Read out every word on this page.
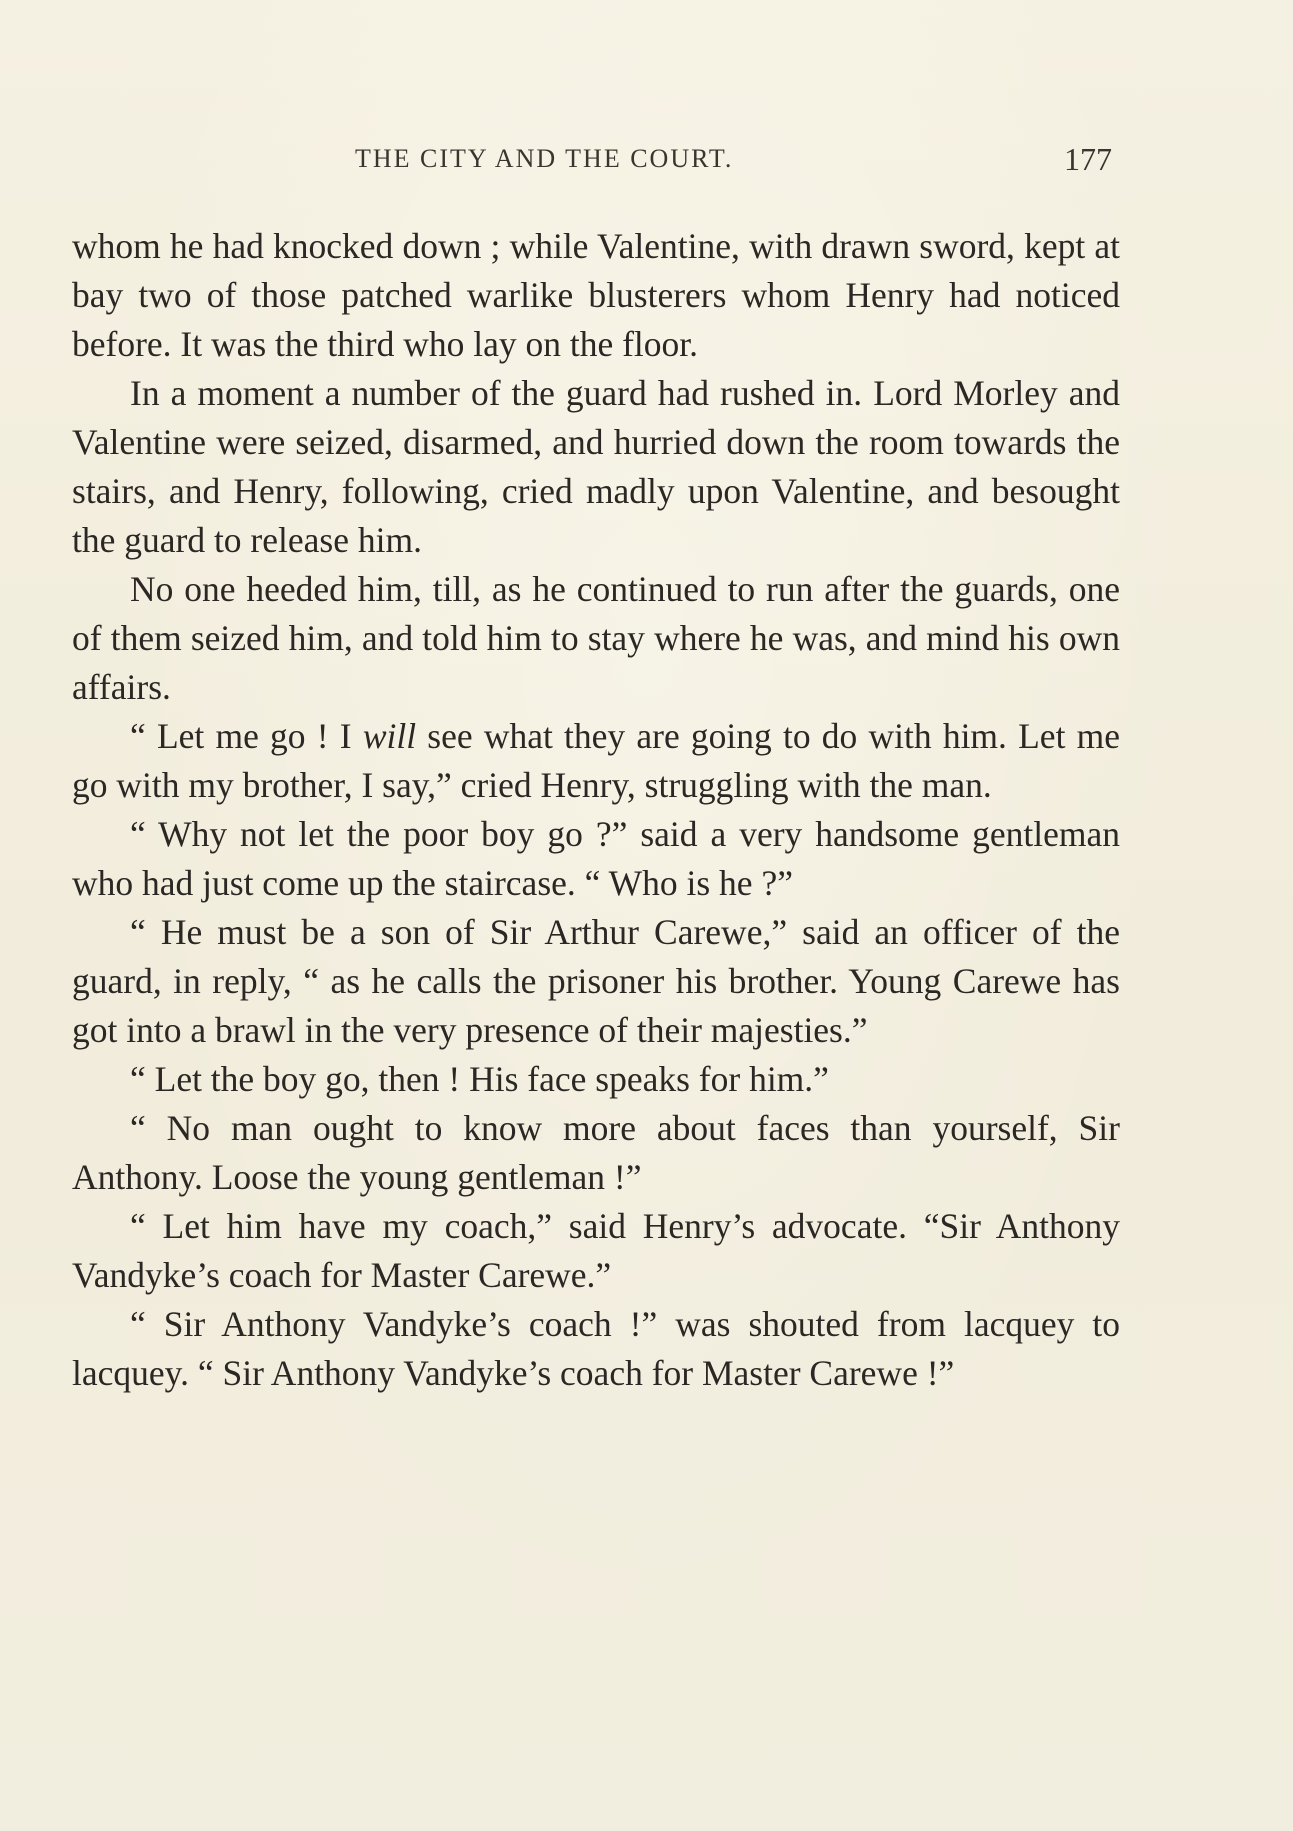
THE CITY AND THE COURT.	177

whom he had knocked down ; while Valentine, with drawn sword, kept at bay two of those patched warlike blusterers whom Henry had noticed before. It was the third who lay on the floor.

In a moment a number of the guard had rushed in. Lord Morley and Valentine were seized, disarmed, and hurried down the room towards the stairs, and Henry, following, cried madly upon Valentine, and besought the guard to release him.

No one heeded him, till, as he continued to run after the guards, one of them seized him, and told him to stay where he was, and mind his own affairs.

“ Let me go ! I will see what they are going to do with him. Let me go with my brother, I say,” cried Henry, struggling with the man.

“ Why not let the poor boy go ?” said a very handsome gentleman who had just come up the staircase. “ Who is he ?”

“ He must be a son of Sir Arthur Carewe,” said an officer of the guard, in reply, “ as he calls the prisoner his brother. Young Carewe has got into a brawl in the very presence of their majesties.”

“ Let the boy go, then ! His face speaks for him.”

“ No man ought to know more about faces than yourself, Sir Anthony. Loose the young gentleman !”

“ Let him have my coach,” said Henry’s advocate. “Sir Anthony Vandyke’s coach for Master Carewe.”

“ Sir Anthony Vandyke’s coach !” was shouted from lacquey to lacquey. “ Sir Anthony Vandyke’s coach for Master Carewe !”
